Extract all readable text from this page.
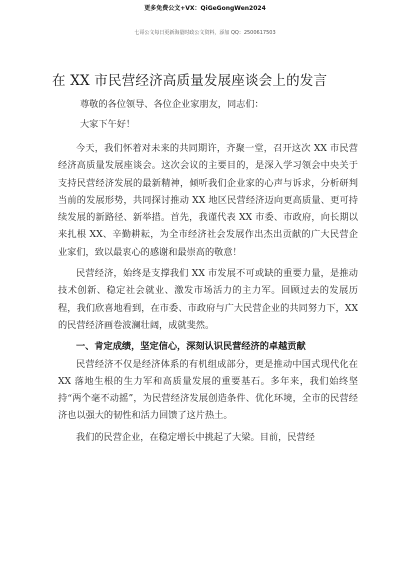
更多免费公文+VX：QiGeGongWen2024
七哥公文每日更新海量时政公文资料，添加 QQ：2500617503
在 XX 市民营经济高质量发展座谈会上的发言
尊敬的各位领导、各位企业家朋友，同志们：
大家下午好！

今天，我们怀着对未来的共同期许，齐聚一堂，召开这次 XX 市民营经济高质量发展座谈会。这次会议的主要目的，是深入学习领会中央关于支持民营经济发展的最新精神，倾听我们企业家的心声与诉求，分析研判当前的发展形势，共同探讨推动 XX 地区民营经济迈向更高质量、更可持续发展的新路径、新举措。首先，我谨代表 XX 市委、市政府，向长期以来扎根 XX、辛勤耕耘，为全市经济社会发展作出杰出贡献的广大民营企业家们，致以最衷心的感谢和最崇高的敬意！

民营经济，始终是支撑我们 XX 市发展不可或缺的重要力量，是推动技术创新、稳定社会就业、激发市场活力的主力军。回顾过去的发展历程，我们欣喜地看到，在市委、市政府与广大民营企业的共同努力下，XX 的民营经济画卷波澜壮阔，成就斐然。

一、肯定成绩，坚定信心，深刻认识民营经济的卓越贡献

民营经济不仅是经济体系的有机组成部分，更是推动中国式现代化在 XX 落地生根的生力军和高质量发展的重要基石。多年来，我们始终坚持“两个毫不动摇”，为民营经济发展创造条件、优化环境，全市的民营经济也以强大的韧性和活力回馈了这片热土。

我们的民营企业，在稳定增长中挑起了大梁。目前，民营经
